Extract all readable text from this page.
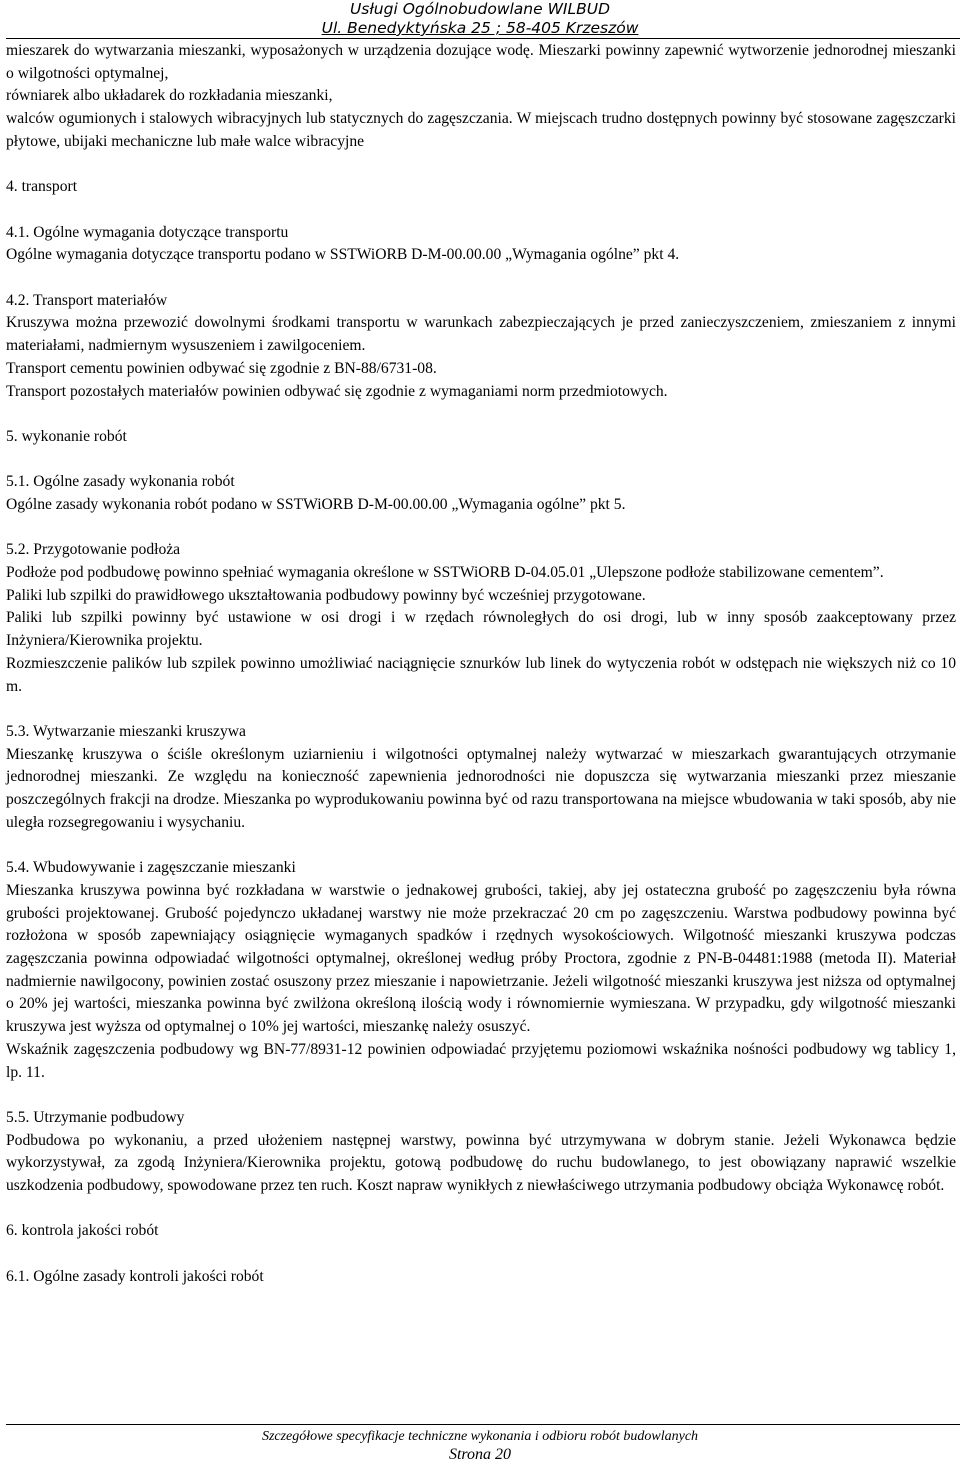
Usługi Ogólnobudowlane WILBUD
Ul. Benedyktyńska 25 ; 58-405 Krzeszów

mieszarek do wytwarzania mieszanki, wyposażonych w urządzenia dozujące wodę. Mieszarki powinny zapewnić wytworzenie jednorodnej mieszanki o wilgotności optymalnej,

równiarek albo układarek do rozkładania mieszanki,

walców ogumionych i stalowych wibracyjnych lub statycznych do zagęszczania. W miejscach trudno dostępnych powinny być stosowane zagęszczarki płytowe, ubijaki mechaniczne lub małe walce wibracyjne

4. transport

4.1. Ogólne wymagania dotyczące transportu

Ogólne wymagania dotyczące transportu podano w SSTWiORB D-M-00.00.00 „Wymagania ogólne” pkt 4.

4.2. Transport materiałów

Kruszywa można przewozić dowolnymi środkami transportu w warunkach zabezpieczających je przed zanieczyszczeniem, zmieszaniem z innymi materiałami, nadmiernym wysuszeniem i zawilgoceniem.

Transport cementu powinien odbywać się zgodnie z BN-88/6731-08.

Transport pozostałych materiałów powinien odbywać się zgodnie z wymaganiami norm przedmiotowych.

5. wykonanie robót

5.1. Ogólne zasady wykonania robót

Ogólne zasady wykonania robót podano w SSTWiORB D-M-00.00.00 „Wymagania ogólne” pkt 5.

5.2. Przygotowanie podłoża

Podłoże pod podbudowę powinno spełniać wymagania określone w SSTWiORB D-04.05.01 „Ulepszone podłoże stabilizowane cementem”.

Paliki lub szpilki do prawidłowego ukształtowania podbudowy powinny być wcześniej przygotowane.

Paliki lub szpilki powinny być ustawione w osi drogi i w rzędach równoległych do osi drogi, lub w inny sposób zaakceptowany przez Inżyniera/Kierownika projektu.

Rozmieszczenie palików lub szpilek powinno umożliwiać naciągnięcie sznurków lub linek do wytyczenia robót w odstępach nie większych niż co 10 m.

5.3. Wytwarzanie mieszanki kruszywa

Mieszankę kruszywa o ściśle określonym uziarnieniu i wilgotności optymalnej należy wytwarzać w mieszarkach gwarantujących otrzymanie jednorodnej mieszanki. Ze względu na konieczność zapewnienia jednorodności nie dopuszcza się wytwarzania mieszanki przez mieszanie poszczególnych frakcji na drodze. Mieszanka po wyprodukowaniu powinna być od razu transportowana na miejsce wbudowania w taki sposób, aby nie uległa rozsegregowaniu i wysychaniu.

5.4. Wbudowywanie i zagęszczanie mieszanki

Mieszanka kruszywa powinna być rozkładana w warstwie o jednakowej grubości, takiej, aby jej ostateczna grubość po zagęszczeniu była równa grubości projektowanej. Grubość pojedynczo układanej warstwy nie może przekraczać 20 cm po zagęszczeniu. Warstwa podbudowy powinna być rozłożona w sposób zapewniający osiągnięcie wymaganych spadków i rzędnych wysokościowych. Wilgotność mieszanki kruszywa podczas zagęszczania powinna odpowiadać wilgotności optymalnej, określonej według próby Proctora, zgodnie z PN-B-04481:1988 (metoda II). Materiał nadmiernie nawilgocony, powinien zostać osuszony przez mieszanie i napowietrzanie. Jeżeli wilgotność mieszanki kruszywa jest niższa od optymalnej o 20% jej wartości, mieszanka powinna być zwilżona określoną ilością wody i równomiernie wymieszana. W przypadku, gdy wilgotność mieszanki kruszywa jest wyższa od optymalnej o 10% jej wartości, mieszankę należy osuszyć.

Wskaźnik zagęszczenia podbudowy wg BN-77/8931-12 powinien odpowiadać przyjętemu poziomowi wskaźnika nośności podbudowy wg tablicy 1, lp. 11.

5.5. Utrzymanie podbudowy

Podbudowa po wykonaniu, a przed ułożeniem następnej warstwy, powinna być utrzymywana w dobrym stanie. Jeżeli Wykonawca będzie wykorzystywał, za zgodą Inżyniera/Kierownika projektu, gotową podbudowę do ruchu budowlanego, to jest obowiązany naprawić wszelkie uszkodzenia podbudowy, spowodowane przez ten ruch. Koszt napraw wynikłych z niewłaściwego utrzymania podbudowy obciąża Wykonawcę robót.

6. kontrola jakości robót

6.1. Ogólne zasady kontroli jakości robót

Szczegółowe specyfikacje techniczne wykonania i odbioru robót budowlanych
Strona 20
